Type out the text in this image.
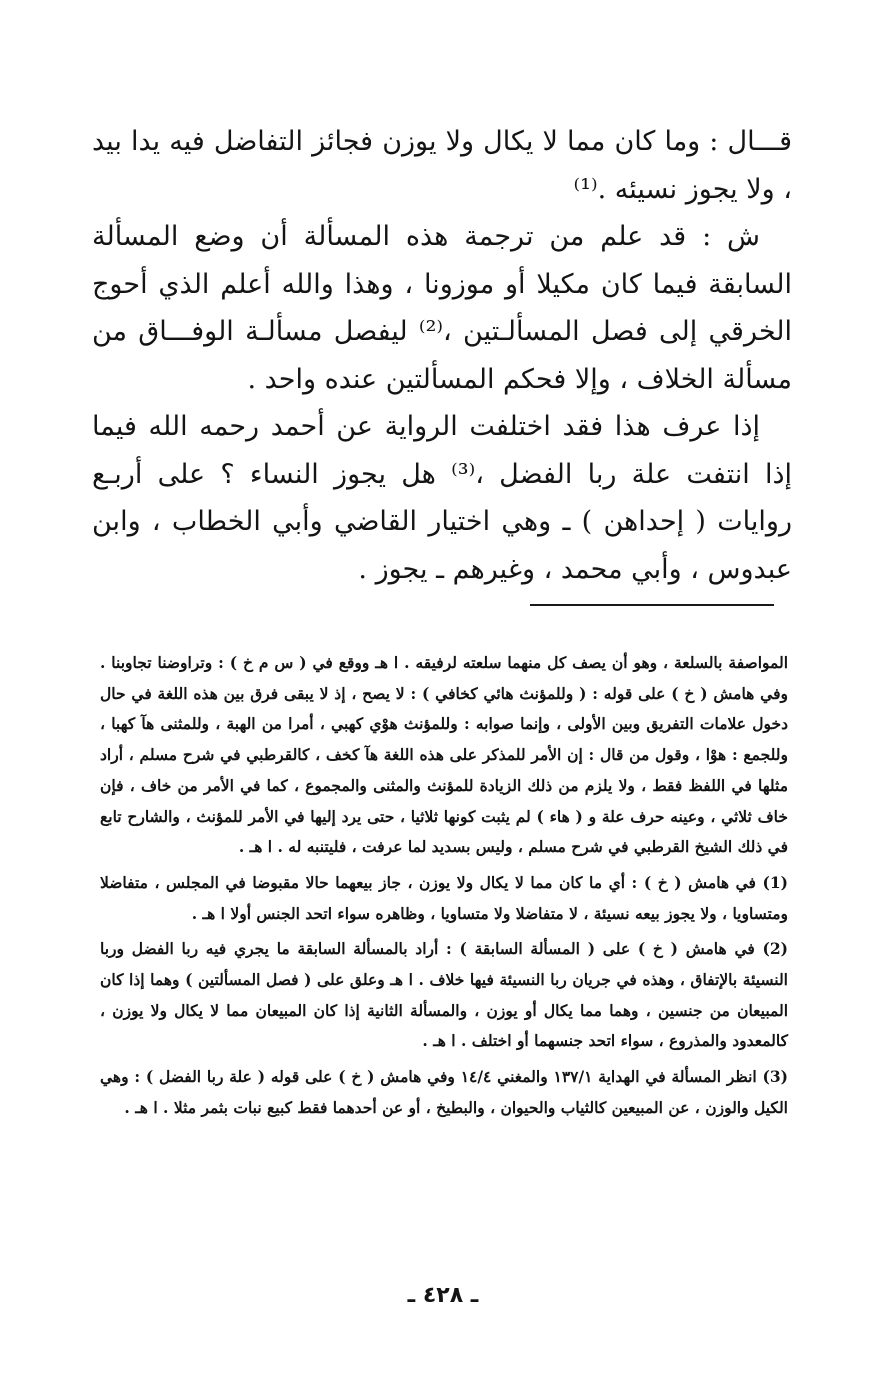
قـــال : وما كان مما لا يكال ولا يوزن فجائز التفاضل فيه يدا بيد ، ولا يجوز نسيئه .⁽¹⁾

ش : قد علم من ترجمة هذه المسألة أن وضع المسألة السابقة فيما كان مكيلا أو موزونا ، وهذا والله أعلم الذي أحوج الخرقي إلى فصل المسألـتين ،⁽²⁾ ليفصل مسألـة الوفـــاق من مسألة الخلاف ، وإلا فحكم المسألتين عنده واحد .

إذا عرف هذا فقد اختلفت الرواية عن أحمد رحمه الله فيما إذا انتفت علة ربا الفضل ،⁽³⁾ هل يجوز النساء ؟ على أربـع روايات ( إحداهن ) ـ وهي اختيار القاضي وأبي الخطاب ، وابن عبدوس ، وأبي محمد ، وغيرهم ـ يجوز .

المواصفة بالسلعة ، وهو أن يصف كل منهما سلعته لرفيقه . ا هـ ووقع في ( س م خ ) : وتراوضنا تجاوبنا . وفي هامش ( خ ) على قوله : ( وللمؤنث هائي كخافي ) : لا يصح ، إذ لا يبقى فرق بين هذه اللغة في حال دخول علامات التفريق وبين الأولى ، وإنما صوابه : وللمؤنث هوْي كهبي ، أمرا من الهبة ، وللمثنى هآ كهبا ، وللجمع : هوْا ، وقول من قال : إن الأمر للمذكر على هذه اللغة هآ كخف ، كالقرطبي في شرح مسلم ، أراد مثلها في اللفظ فقط ، ولا يلزم من ذلك الزيادة للمؤنث والمثنى والمجموع ، كما في الأمر من خاف ، فإن خاف ثلاثي ، وعينه حرف علة و ( هاء ) لم يثبت كونها ثلاثيا ، حتى يرد إليها في الأمر للمؤنث ، والشارح تابع في ذلك الشيخ القرطبي في شرح مسلم ، وليس بسديد لما عرفت ، فليتنبه له . ا هـ .

(1) في هامش ( خ ) : أي ما كان مما لا يكال ولا يوزن ، جاز بيعهما حالا مقبوضا في المجلس ، متفاضلا ومتساويا ، ولا يجوز بيعه نسيئة ، لا متفاضلا ولا متساويا ، وظاهره سواء اتحد الجنس أولا ا هـ .

(2) في هامش ( خ ) على ( المسألة السابقة ) : أراد بالمسألة السابقة ما يجري فيه ربا الفضل وربا النسيئة بالإتفاق ، وهذه في جريان ربا النسيئة فيها خلاف . ا هـ وعلق على ( فصل المسألتين ) وهما إذا كان المبيعان من جنسين ، وهما مما يكال أو يوزن ، والمسألة الثانية إذا كان المبيعان مما لا يكال ولا يوزن ، كالمعدود والمذروع ، سواء اتحد جنسهما أو اختلف . ا هـ .

(3) انظر المسألة في الهداية ١٣٧/١ والمغني ١٤/٤ وفي هامش ( خ ) على قوله ( علة ربا الفضل ) : وهي الكيل والوزن ، عن المبيعين كالثياب والحيوان ، والبطيخ ، أو عن أحدهما فقط كبيع نبات بثمر مثلا . ا هـ .

ـ ٤٢٨ ـ
